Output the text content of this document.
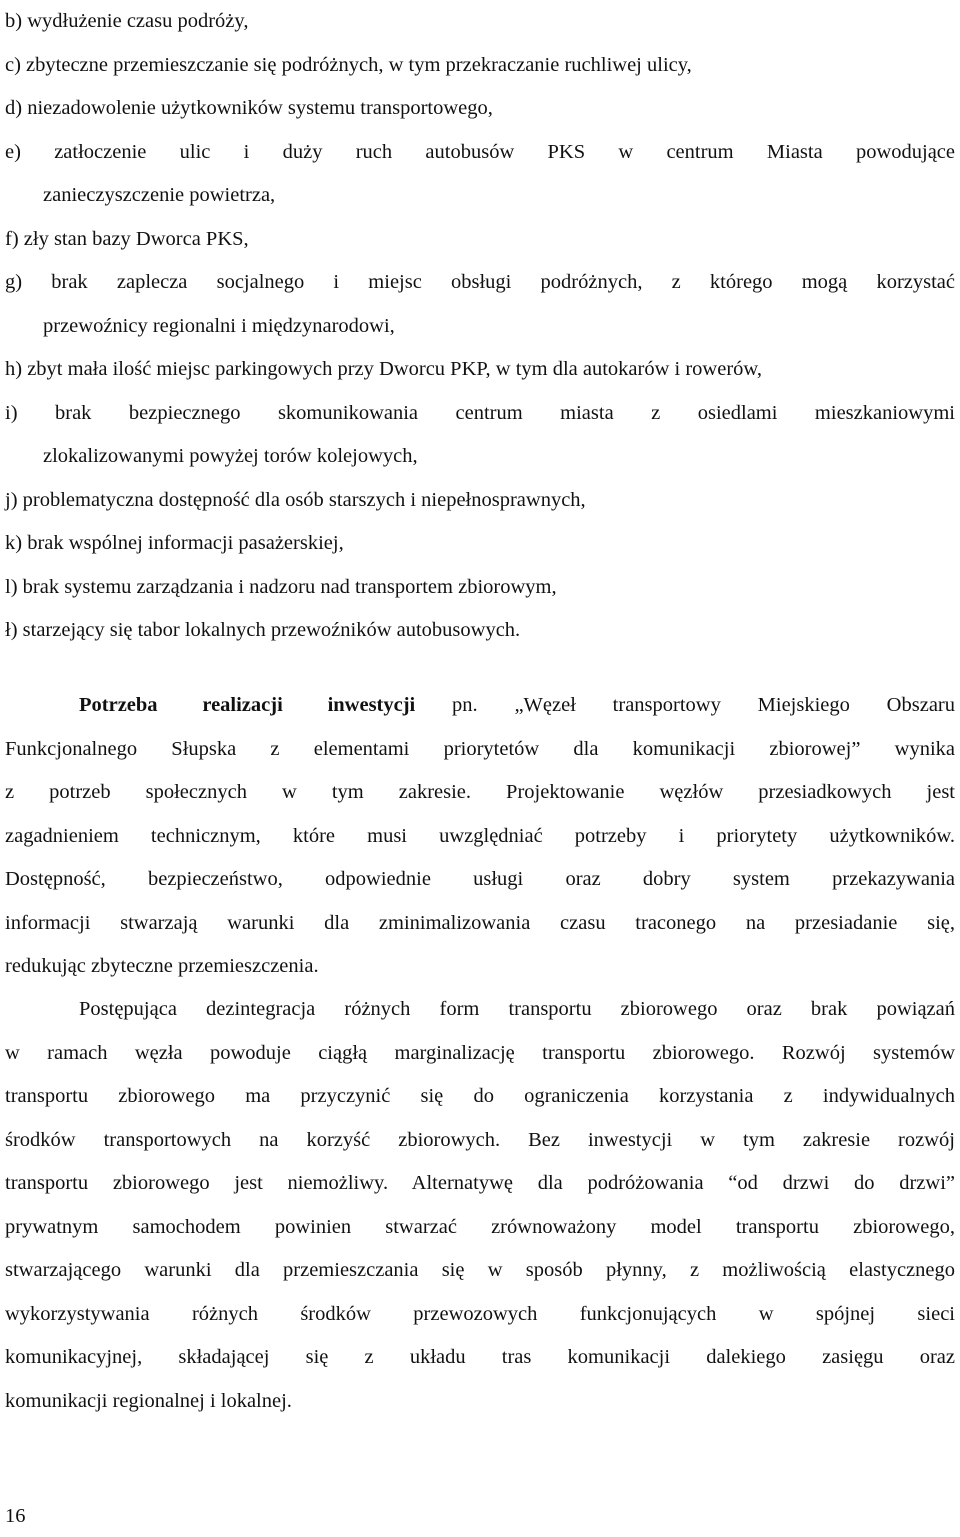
b) wydłużenie czasu podróży,
c) zbyteczne przemieszczanie się podróżnych, w tym przekraczanie ruchliwej ulicy,
d) niezadowolenie użytkowników systemu transportowego,
e) zatłoczenie ulic i duży ruch autobusów PKS w centrum Miasta powodujące
zanieczyszczenie powietrza,
f) zły stan bazy Dworca PKS,
g) brak zaplecza socjalnego i miejsc obsługi podróżnych, z którego mogą korzystać
przewoźnicy regionalni i międzynarodowi,
h) zbyt mała ilość miejsc parkingowych przy Dworcu PKP, w tym dla autokarów i rowerów,
i) brak bezpiecznego skomunikowania centrum miasta z osiedlami mieszkaniowymi
zlokalizowanymi powyżej torów kolejowych,
j) problematyczna dostępność dla osób starszych i niepełnosprawnych,
k) brak wspólnej informacji pasażerskiej,
l) brak systemu zarządzania i nadzoru nad transportem zbiorowym,
ł) starzejący się tabor lokalnych przewoźników autobusowych.
Potrzeba realizacji inwestycji pn. „Węzeł transportowy Miejskiego Obszaru
Funkcjonalnego Słupska z elementami priorytetów dla komunikacji zbiorowej” wynika
z potrzeb społecznych w tym zakresie. Projektowanie węzłów przesiadkowych jest
zagadnieniem technicznym, które musi uwzględniać potrzeby i priorytety użytkowników.
Dostępność, bezpieczeństwo, odpowiednie usługi oraz dobry system przekazywania
informacji stwarzają warunki dla zminimalizowania czasu traconego na przesiadanie się,
redukując zbyteczne przemieszczenia.
Postępująca dezintegracja różnych form transportu zbiorowego oraz brak powiązań
w ramach węzła powoduje ciągłą marginalizację transportu zbiorowego. Rozwój systemów
transportu zbiorowego ma przyczynić się do ograniczenia korzystania z indywidualnych
środków transportowych na korzyść zbiorowych. Bez inwestycji w tym zakresie rozwój
transportu zbiorowego jest niemożliwy. Alternatywę dla podróżowania “od drzwi do drzwi”
prywatnym samochodem powinien stwarzać zrównoważony model transportu zbiorowego,
stwarzającego warunki dla przemieszczania się w sposób płynny, z możliwością elastycznego
wykorzystywania różnych środków przewozowych funkcjonujących w spójnej sieci
komunikacyjnej, składającej się z układu tras komunikacji dalekiego zasięgu oraz
komunikacji regionalnej i lokalnej.
16
